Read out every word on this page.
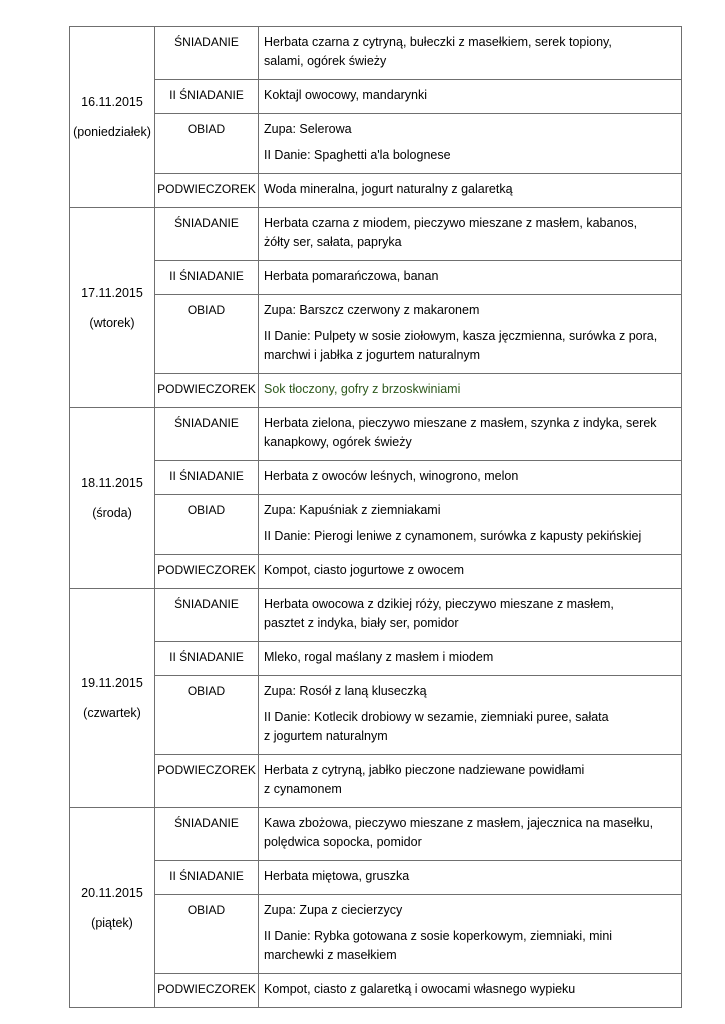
16.11.2015
(poniedziałek)	ŚNIADANIE	Herbata czarna z cytryną, bułeczki z masełkiem, serek topiony,
salami, ogórek świeży

	II ŚNIADANIE	Koktajl owocowy, mandarynki

	OBIAD	Zupa: Selerowa

II Danie: Spaghetti a'la bolognese

	PODWIECZOREK	Woda mineralna, jogurt naturalny z galaretką

17.11.2015
(wtorek)	ŚNIADANIE	Herbata czarna z miodem, pieczywo mieszane z masłem, kabanos,
żółty ser, sałata, papryka

	II ŚNIADANIE	Herbata pomarańczowa, banan

	OBIAD	Zupa: Barszcz czerwony z makaronem

II Danie: Pulpety w sosie ziołowym, kasza jęczmienna, surówka z pora,
marchwi i jabłka z jogurtem naturalnym

	PODWIECZOREK	Sok tłoczony, gofry z brzoskwiniami

18.11.2015
(środa)	ŚNIADANIE	Herbata zielona, pieczywo mieszane z masłem, szynka z indyka, serek
kanapkowy, ogórek świeży

	II ŚNIADANIE	Herbata z owoców leśnych, winogrono, melon

	OBIAD	Zupa: Kapuśniak z ziemniakami

II Danie: Pierogi leniwe z cynamonem, surówka z kapusty pekińskiej

	PODWIECZOREK	Kompot, ciasto jogurtowe z owocem

19.11.2015
(czwartek)	ŚNIADANIE	Herbata owocowa z dzikiej róży, pieczywo mieszane z masłem,
pasztet z indyka, biały ser, pomidor

	II ŚNIADANIE	Mleko, rogal maślany z masłem i miodem

	OBIAD	Zupa: Rosół z laną kluseczką

II Danie: Kotlecik drobiowy w sezamie, ziemniaki puree, sałata
z jogurtem naturalnym

	PODWIECZOREK	Herbata z cytryną, jabłko pieczone nadziewane powidłami
z cynamonem

20.11.2015
(piątek)	ŚNIADANIE	Kawa zbożowa, pieczywo mieszane z masłem, jajecznica na masełku,
polędwica sopocka, pomidor

	II ŚNIADANIE	Herbata miętowa, gruszka

	OBIAD	Zupa: Zupa z ciecierzycy

II Danie: Rybka gotowana z sosie koperkowym, ziemniaki, mini
marchewki z masełkiem

	PODWIECZOREK	Kompot, ciasto z galaretką i owocami własnego wypieku
